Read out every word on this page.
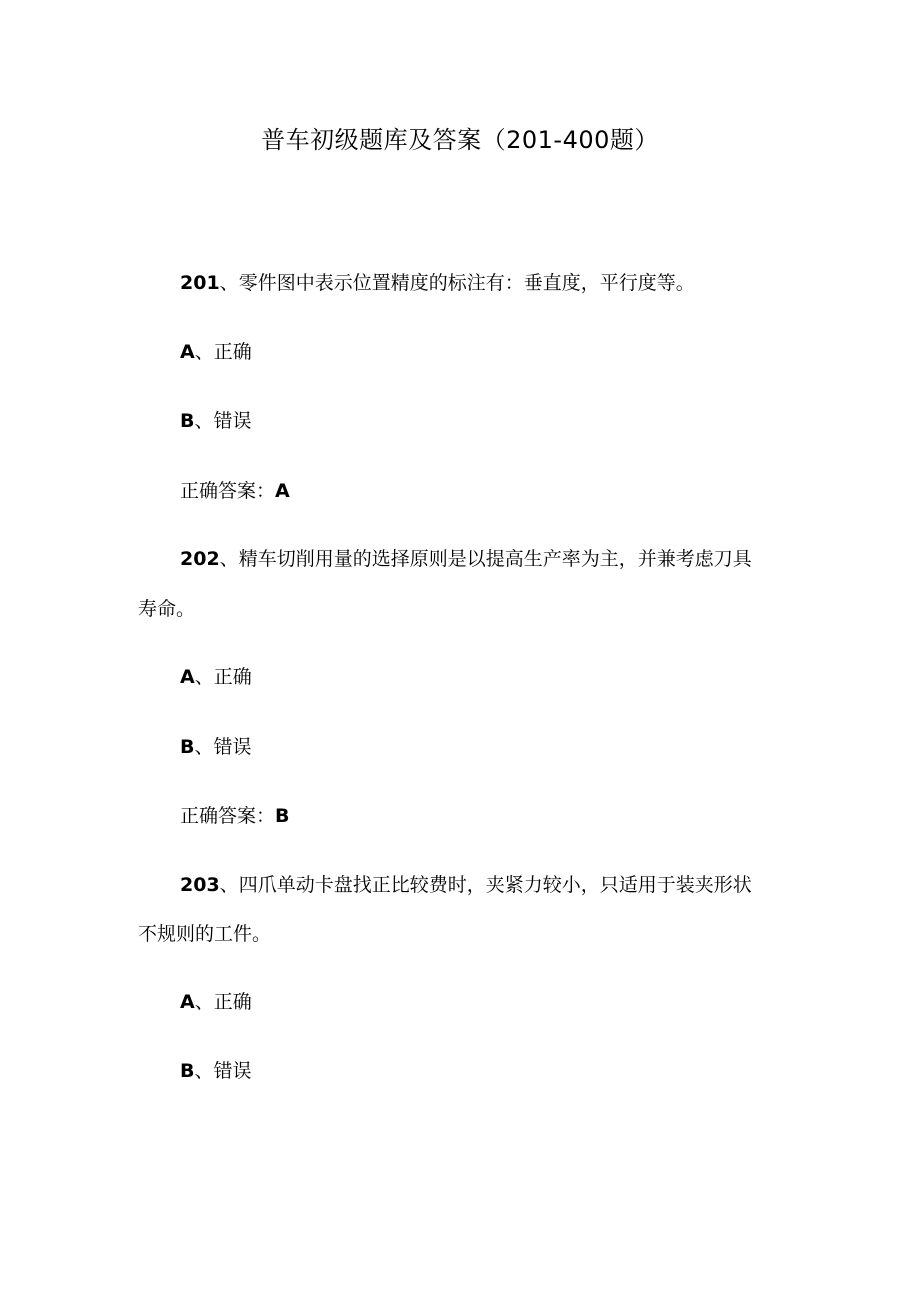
普车初级题库及答案（201-400题）
201、零件图中表示位置精度的标注有：垂直度，平行度等。
A、正确
B、错误
正确答案：A
202、精车切削用量的选择原则是以提高生产率为主，并兼考虑刀具
寿命。
A、正确
B、错误
正确答案：B
203、四爪单动卡盘找正比较费时，夹紧力较小，只适用于装夹形状
不规则的工件。
A、正确
B、错误
